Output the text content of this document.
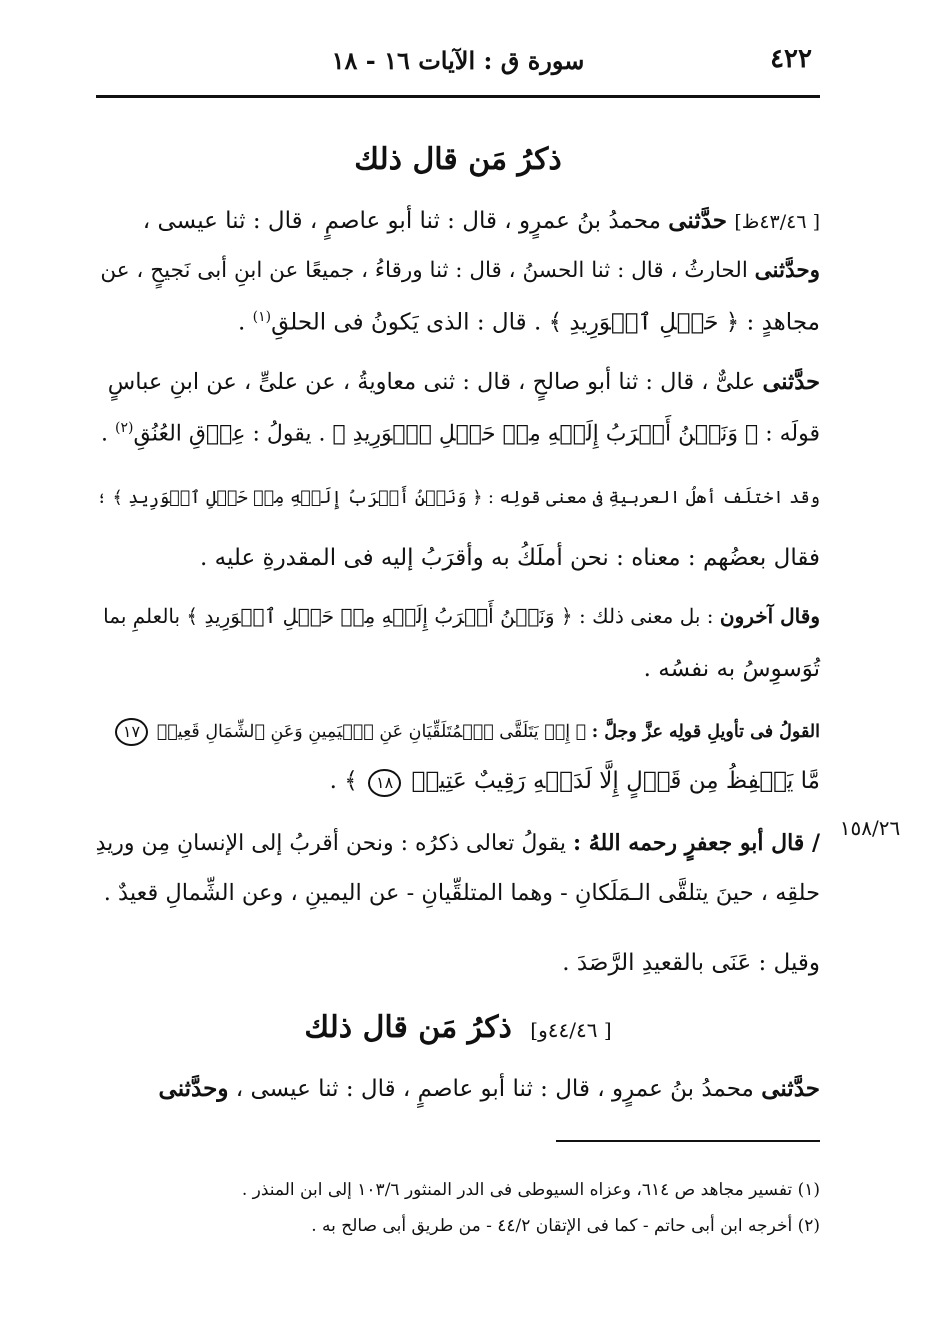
٤٢٢
سورة ق : الآيات ١٦ - ١٨
ذكرُ مَن قال ذلك
[ ٤٣/٤٦ظ] حدَّثنى محمدُ بنُ عمرٍو ، قال : ثنا أبو عاصمٍ ، قال : ثنا عيسى ،
وحدَّثنى الحارثُ ، قال : ثنا الحسنُ ، قال : ثنا ورقاءُ ، جميعًا عن ابنِ أبى نَجيحٍ ، عن
مجاهدٍ : ﴿ حَبۡلِ ٱلۡوَرِيدِ ﴾ . قال : الذى يَكونُ فى الحلقِ$^{(١)}$ .
حدَّثنى علىٌّ ، قال : ثنا أبو صالحٍ ، قال : ثنى معاويةُ ، عن علىٍّ ، عن ابنِ عباسٍ
قولَه : ﴿ وَنَحۡنُ أَقۡرَبُ إِلَيۡهِ مِنۡ حَبۡلِ ٱلۡوَرِيدِ ﴾ . يقولُ : عِرۡقِ العُنُقِ$^{(٢)}$ .
وقد اختلَف أهلُ العربيةِ فى معنى قولِه : ﴿ وَنَحۡنُ أَقۡرَبُ إِلَيۡهِ مِنۡ حَبۡلِ ٱلۡوَرِيدِ ﴾ ؛
فقال بعضُهم : معناه : نحن أملَكُ به وأقرَبُ إليه فى المقدرةِ عليه .
وقال آخرون : بل معنى ذلك : ﴿ وَنَحۡنُ أَقۡرَبُ إِلَيۡهِ مِنۡ حَبۡلِ ٱلۡوَرِيدِ ﴾ بالعلمِ بما
تُوَسوِسُ به نفسُه .
القولُ فى تأويلِ قولِه عزَّ وجلَّ : ﴿ إِذۡ يَتَلَقَّى ٱلۡمُتَلَقِّيَانِ عَنِ ٱلۡيَمِينِ وَعَنِ ٱلشِّمَالِ قَعِيدٞ ١٧
مَّا يَلۡفِظُ مِن قَوۡلٍ إِلَّا لَدَيۡهِ رَقِيبٌ عَتِيدٞ ١٨ ﴾ .
١٥٨/٢٦
/ قال أبو جعفرٍ رحمه اللهُ : يقولُ تعالى ذكرُه : ونحن أقربُ إلى الإنسانِ مِن وريدِ
حلقِه ، حينَ يتلقَّى الـمَلَكانِ - وهما المتلقِّيانِ - عن اليمينِ ، وعن الشِّمالِ قعيدٌ .
وقيل : عَنَى بالقعيدِ الرَّصَدَ .
[ ٤٤/٤٦و] ذكرُ مَن قال ذلك
حدَّثنى محمدُ بنُ عمرٍو ، قال : ثنا أبو عاصمٍ ، قال : ثنا عيسى ، وحدَّثنى
(١) تفسير مجاهد ص ٦١٤، وعزاه السيوطى فى الدر المنثور ١٠٣/٦ إلى ابن المنذر .
(٢) أخرجه ابن أبى حاتم - كما فى الإتقان ٤٤/٢ - من طريق أبى صالح به .
